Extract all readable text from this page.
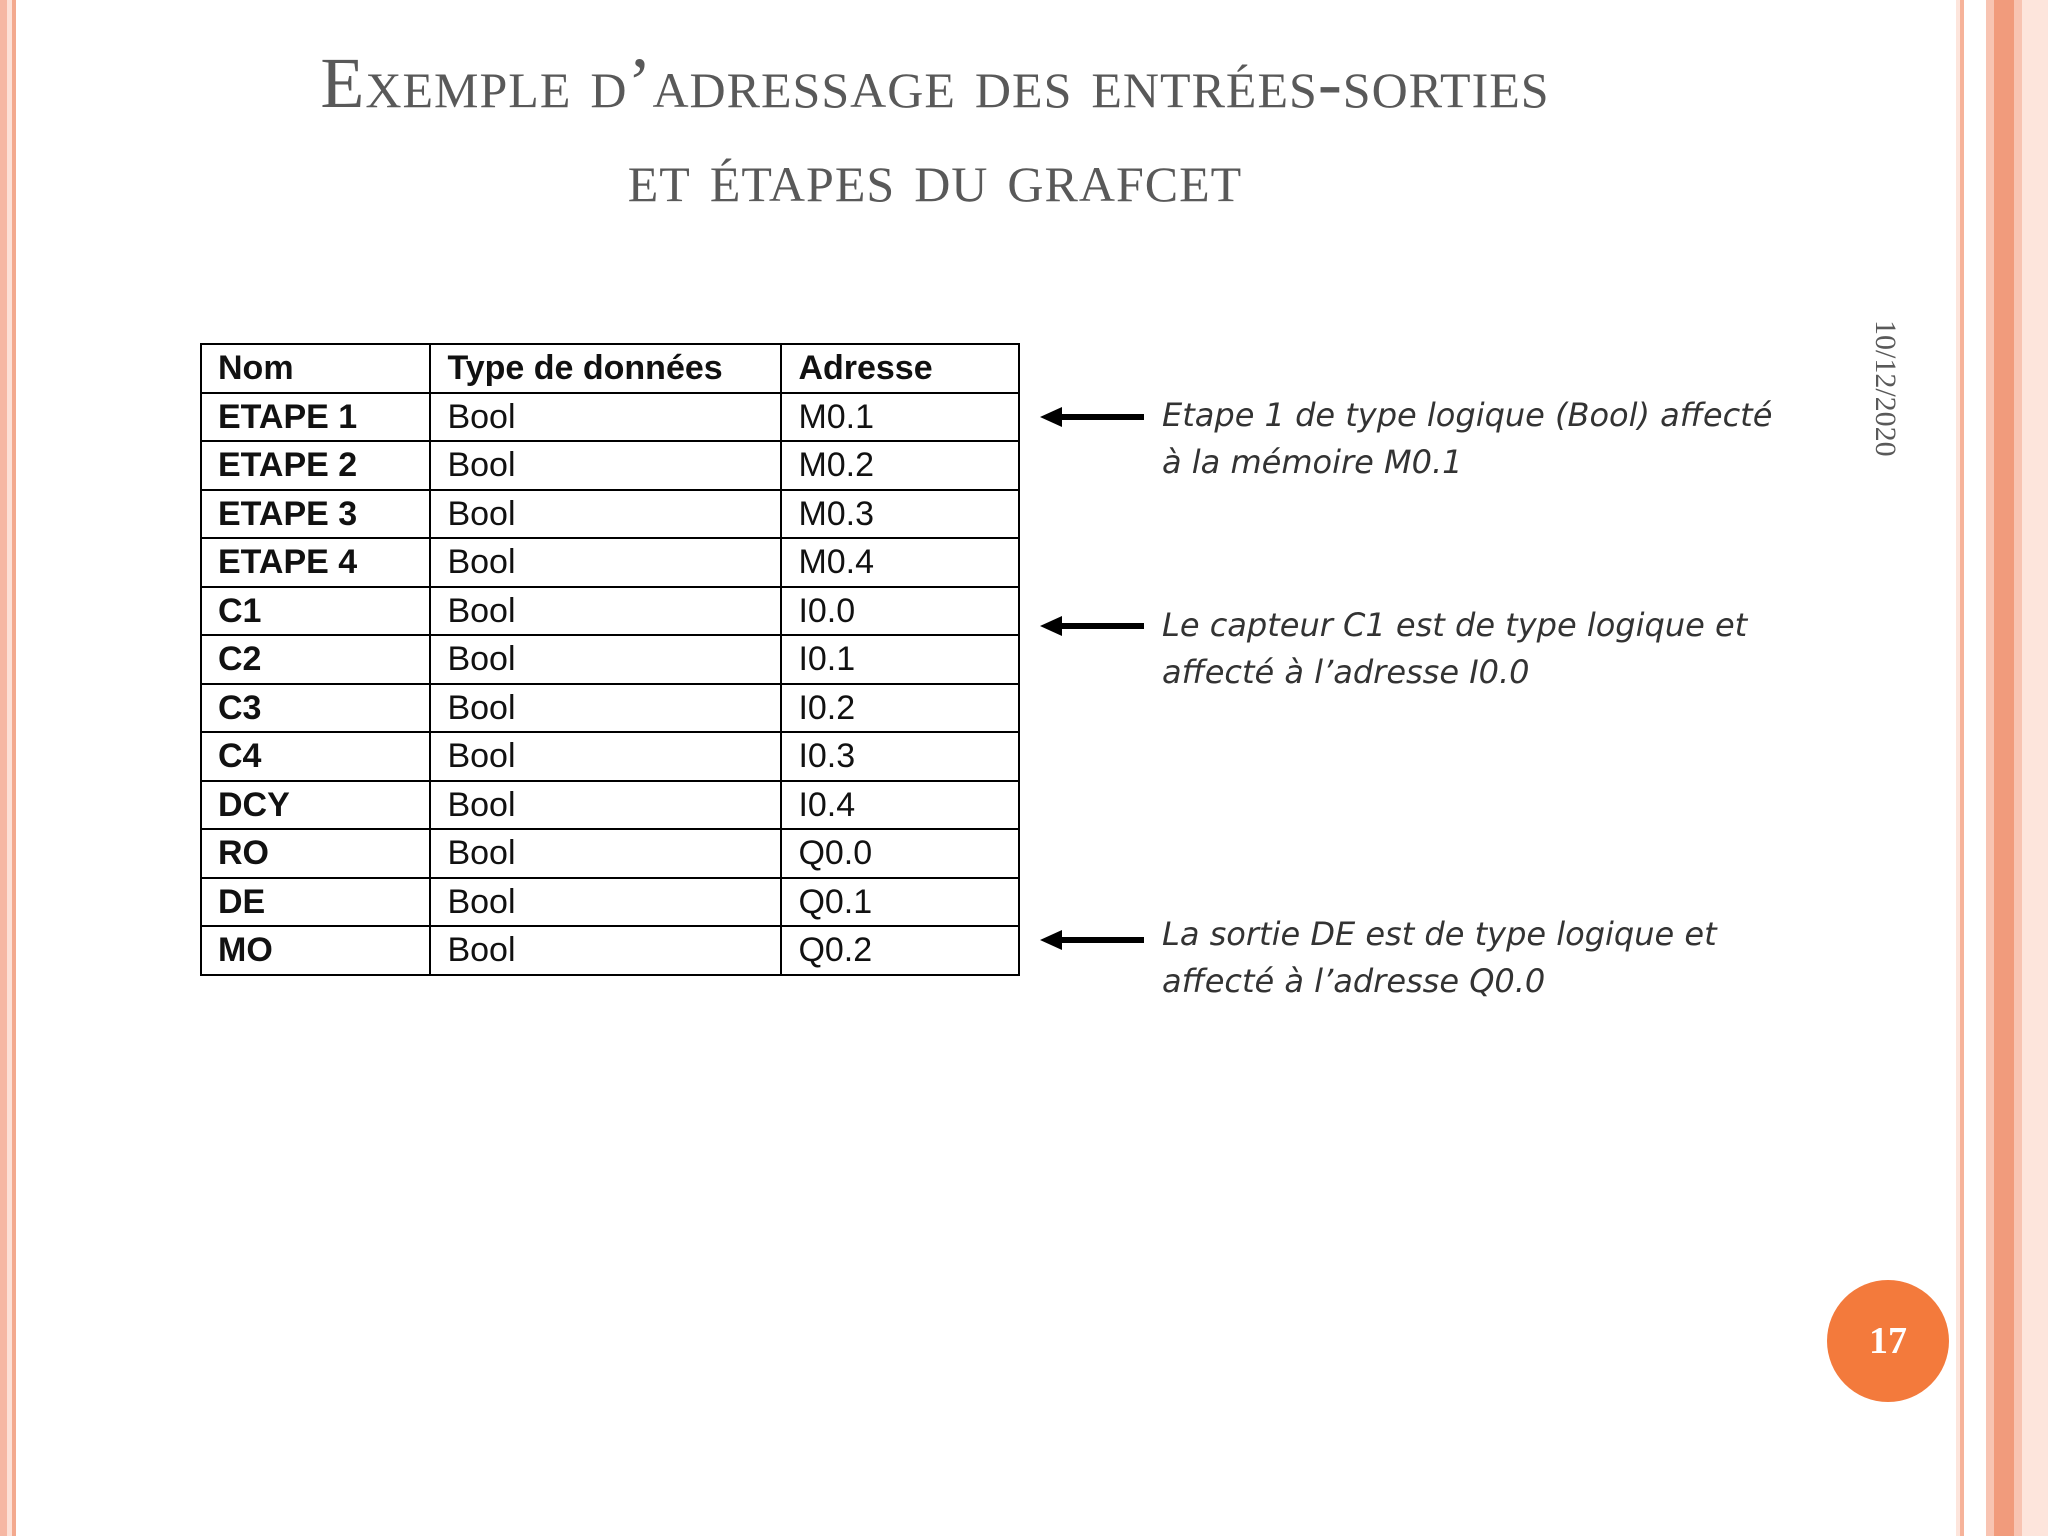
Exemple d’adressage des entrées-sorties
et étapes du grafcet
10/12/2020
Nom	Type de données	Adresse
ETAPE 1	Bool	M0.1
ETAPE 2	Bool	M0.2
ETAPE 3	Bool	M0.3
ETAPE 4	Bool	M0.4
C1	Bool	I0.0
C2	Bool	I0.1
C3	Bool	I0.2
C4	Bool	I0.3
DCY	Bool	I0.4
RO	Bool	Q0.0
DE	Bool	Q0.1
MO	Bool	Q0.2
Etape 1 de type logique (Bool) affecté
à la mémoire M0.1
Le capteur C1 est de type logique et
affecté à l’adresse I0.0
La sortie DE est de type logique et
affecté à l’adresse Q0.0
17
